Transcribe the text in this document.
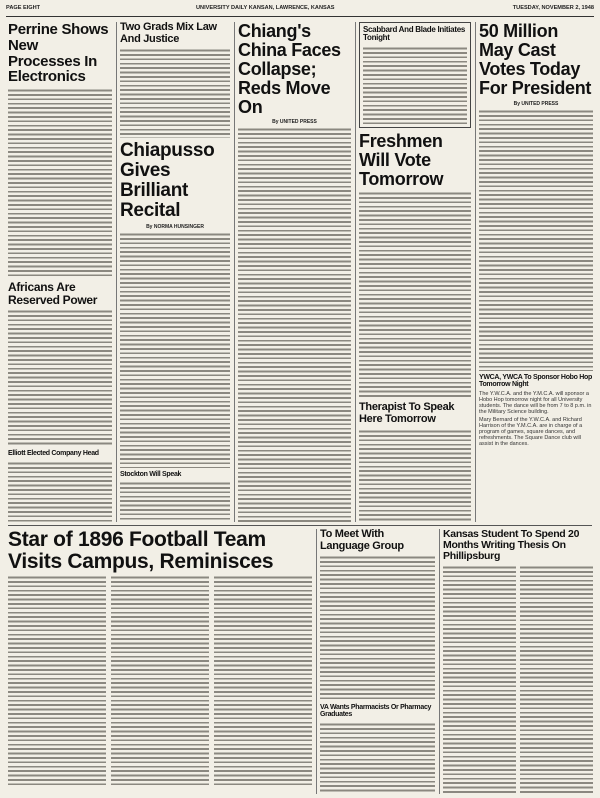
PAGE EIGHT	UNIVERSITY DAILY KANSAN, LAWRENCE, KANSAS	TUESDAY, NOVEMBER 2, 1948
Perrine Shows New Processes In Electronics
Africans Are Reserved Power
Elliott Elected Company Head
Two Grads Mix Law And Justice
Chiapusso Gives Brilliant Recital
By NORMA HUNSINGER
Stockton Will Speak
Chiang's China Faces Collapse; Reds Move On
By UNITED PRESS
Scabbard And Blade Initiates Tonight
Freshmen Will Vote Tomorrow
Therapist To Speak Here Tomorrow
50 Million May Cast Votes Today For President
By UNITED PRESS
YWCA, YWCA To Sponsor Hobo Hop Tomorrow Night
The Y.W.C.A. and the Y.M.C.A. will sponsor a Hobo Hop tomorrow night for all University students. The dance will be from 7 to 8 p.m. in the Military Science building.
Mary Bernard of the Y.W.C.A. and Richard Harrison of the Y.M.C.A. are in charge of a program of games, square dances, and refreshments. The Square Dance club will assist in the dances.
Star of 1896 Football Team Visits Campus, Reminisces
To Meet With Language Group
VA Wants Pharmacists Or Pharmacy Graduates
Kansas Student To Spend 20 Months Writing Thesis On Phillipsburg
